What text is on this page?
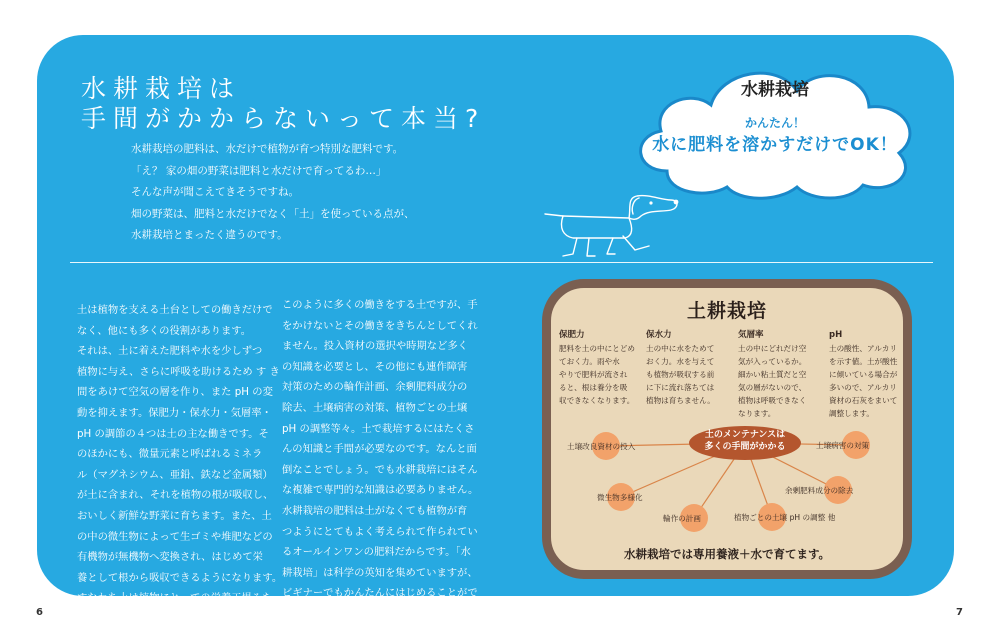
水耕栽培は
手間がかからないって本当?
水耕栽培の肥料は、水だけで植物が育つ特別な肥料です。
「え？ 家の畑の野菜は肥料と水だけで育ってるわ…」
そんな声が聞こえてきそうですね。
畑の野菜は、肥料と水だけでなく「土」を使っている点が、
水耕栽培とまったく違うのです。
水耕栽培
かんたん！
水に肥料を溶かすだけでOK！
土は植物を支える土台としての働きだけで
なく、他にも多くの役割があります。
それは、土に着えた肥料や水を少しずつ
植物に与え、さらに呼吸を助けるため す き
間をあけて空気の層を作り、また pH の変
動を抑えます。保肥力・保水力・気層率・
pH の調節の４つは土の主な働きです。そ
のほかにも、微量元素と呼ばれるミネラ
ル（マグネシウム、亜鉛、鉄など金属類）
が土に含まれ、それを植物の根が吸収し、
おいしく新鮮な野菜に育ちます。また、土
の中の微生物によって生ゴミや堆肥などの
有機物が無機物へ変換され、はじめて栄
養として根から吸収できるようになります。
すなわち土は植物にとっての栄養工場みた
いなものなのです。
このように多くの働きをする土ですが、手
をかけないとその働きをきちんとしてくれ
ません。投入資材の選択や時期など多く
の知識を必要とし、その他にも連作障害
対策のための輪作計画、余剰肥料成分の
除去、土壌病害の対策、植物ごとの土壌
pH の調整等々。土で栽培するにはたくさ
んの知識と手間が必要なのです。なんと面
倒なことでしょう。でも水耕栽培にはそん
な複雑で専門的な知識は必要ありません。
水耕栽培の肥料は土がなくても植物が育
つようにとてもよく考えられて作られてい
るオールインワンの肥料だからです。「水
耕栽培」は科学の英知を集めていますが、
ビギナーでもかんたんにはじめることがで
きる栽培方法なのです。
土耕栽培
保肥力
肥料を土の中にとどめ
ておく力。雨や水
やりで肥料が流され
ると、根は養分を吸
収できなくなります。
保水力
土の中に水をためて
おく力。水を与えて
も植物が吸収する前
に下に流れ落ちては
植物は育ちません。
気層率
土の中にどれだけ空
気が入っているか。
細かい粘土質だと空
気の層がないので、
植物は呼吸できなく
なります。
pH
土の酸性、アルカリ
を示す値。土が酸性
に傾いている場合が
多いので、アルカリ
資材の石灰をまいて
調整します。
土のメンテナンスは
多くの手間がかかる
土壌改良資材の投入	土壌病害の対策
微生物多様化
余剰肥料成分の除去
輪作の計画	植物ごとの土壌 pH の調整 他
水耕栽培では専用養液＋水で育てます。
6	7
